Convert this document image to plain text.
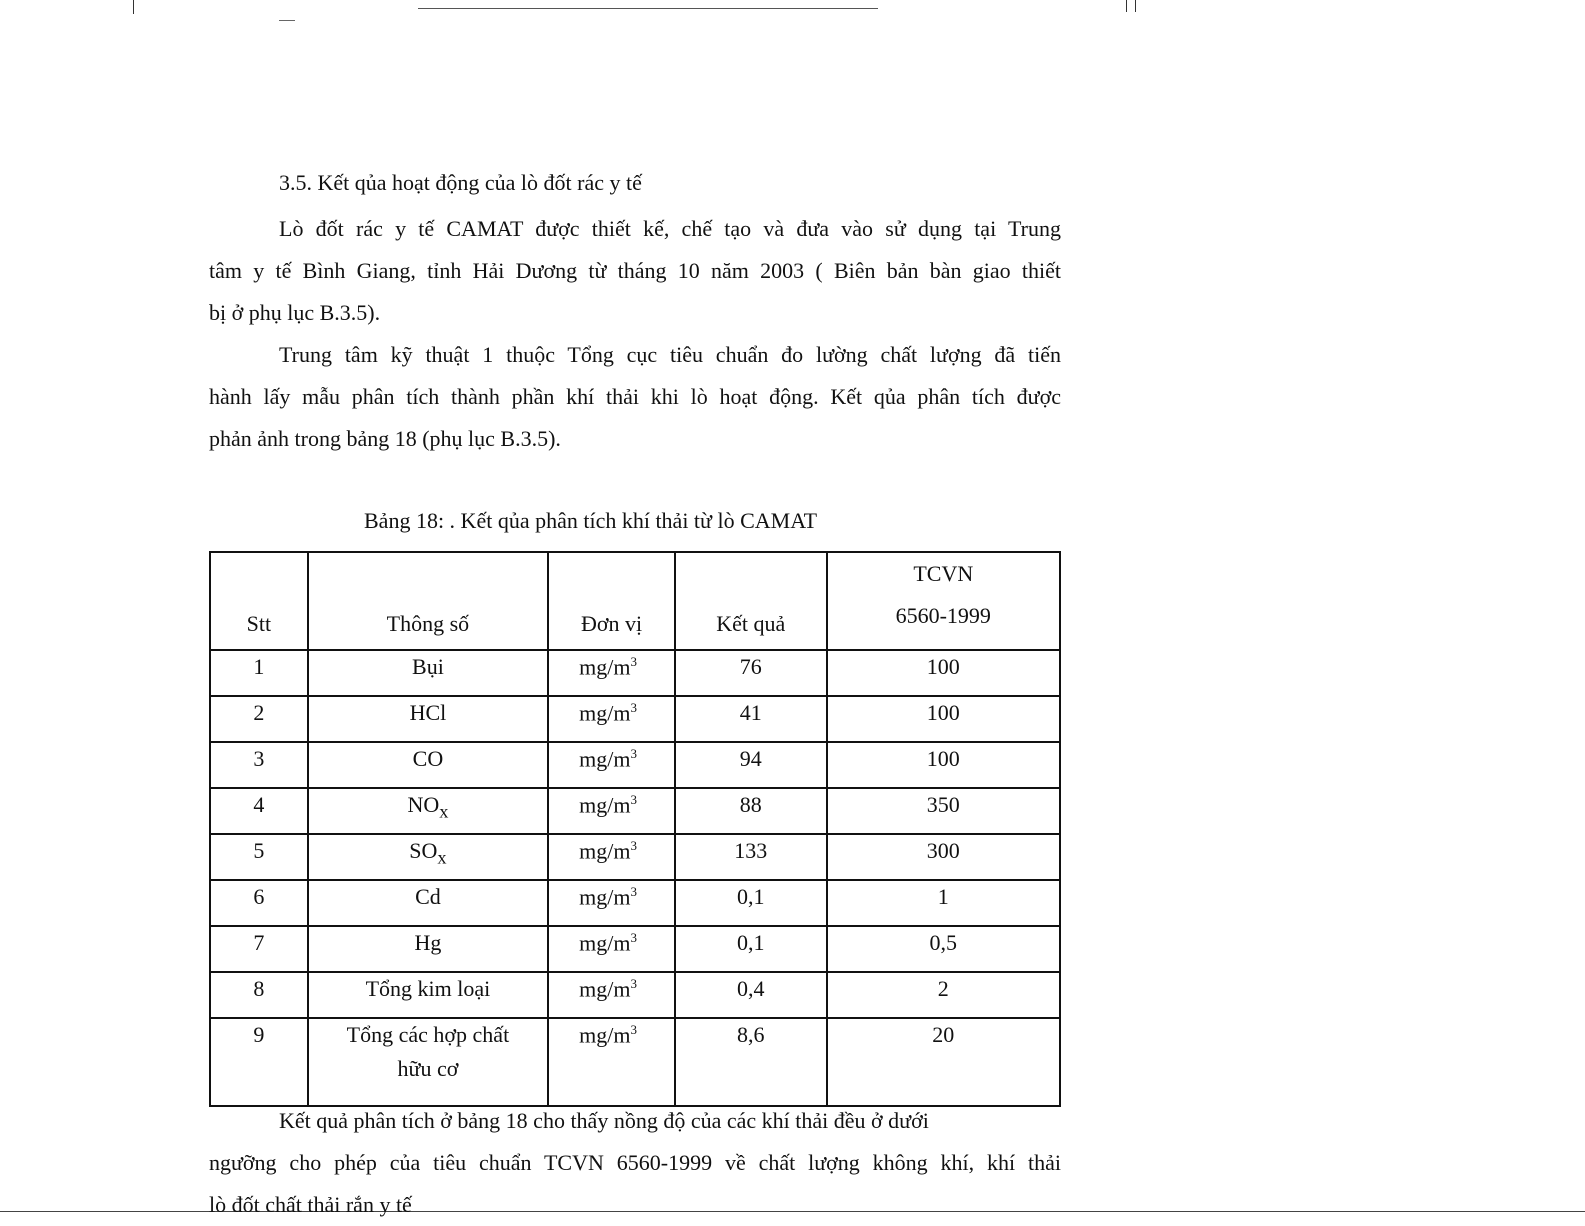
3.5. Kết qủa hoạt động của lò đốt rác y tế

Lò đốt rác y tế CAMAT được thiết kế, chế tạo và đưa vào sử dụng tại Trung
tâm y tế Bình Giang, tỉnh Hải Dương từ tháng 10 năm 2003 ( Biên bản bàn giao thiết
bị ở phụ lục B.3.5).

Trung tâm kỹ thuật 1 thuộc Tổng cục tiêu chuẩn đo lường chất lượng đã tiến
hành lấy mẫu phân tích thành phần khí thải khi lò hoạt động. Kết qủa phân tích được
phản ảnh trong bảng 18 (phụ lục B.3.5).

Bảng 18: . Kết qủa phân tích khí thải từ lò CAMAT
Stt	Thông số	Đơn vị	Kết quả	TCVN
6560-1999

1	Bụi	$mg/m^3$	76	100
2	HCl	$mg/m^3$	41	100
3	CO	$mg/m^3$	94	100
4	$NO_x$	$mg/m^3$	88	350
5	$SO_x$	$mg/m^3$	133	300
6	Cd	$mg/m^3$	0,1	1
7	Hg	$mg/m^3$	0,1	0,5
8	Tổng kim loại	$mg/m^3$	0,4	2
9	Tổng các hợp chất
hữu cơ	$mg/m^3$	8,6	20

Kết quả phân tích ở bảng 18 cho thấy nồng độ của các khí thải đều ở dưới
ngưỡng cho phép của tiêu chuẩn TCVN 6560-1999 về chất lượng không khí, khí thải
lò đốt chất thải rắn y tế
